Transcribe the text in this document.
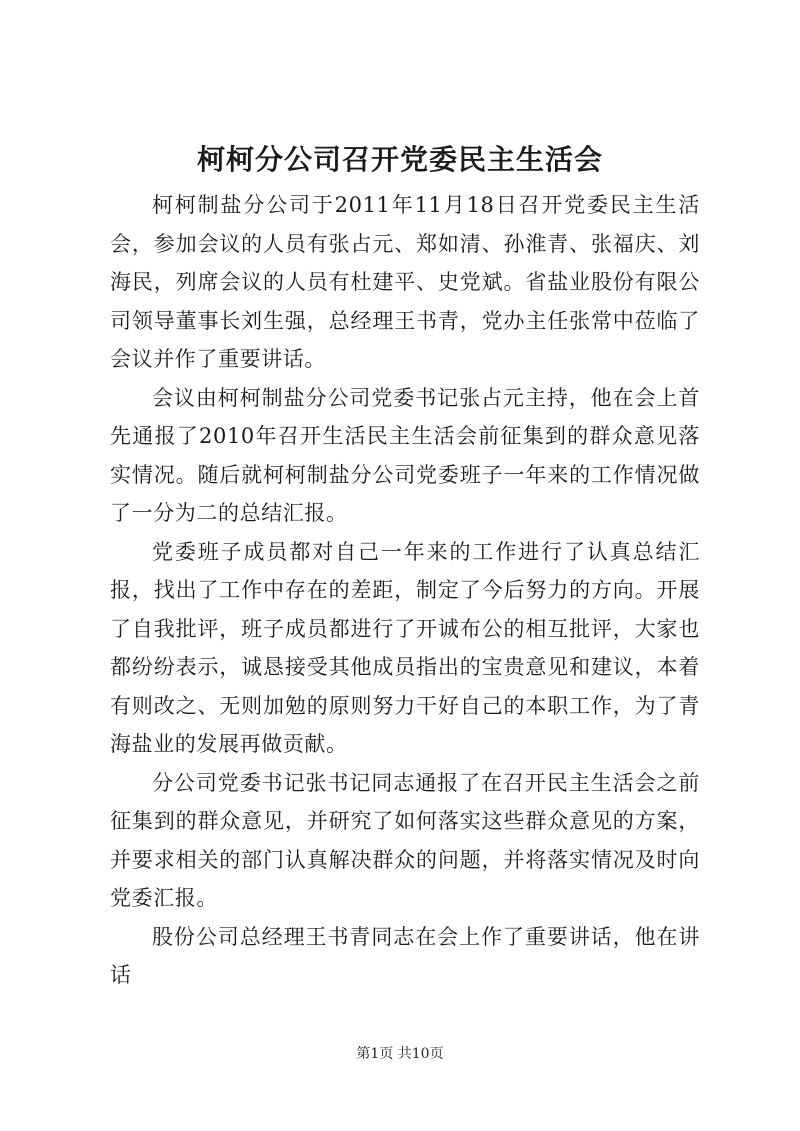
柯柯分公司召开党委民主生活会

柯柯制盐分公司于2011年11月18日召开党委民主生活会，参加会议的人员有张占元、郑如清、孙淮青、张福庆、刘海民，列席会议的人员有杜建平、史党斌。省盐业股份有限公司领导董事长刘生强，总经理王书青，党办主任张常中莅临了会议并作了重要讲话。

会议由柯柯制盐分公司党委书记张占元主持，他在会上首先通报了2010年召开生活民主生活会前征集到的群众意见落实情况。随后就柯柯制盐分公司党委班子一年来的工作情况做了一分为二的总结汇报。

党委班子成员都对自己一年来的工作进行了认真总结汇报，找出了工作中存在的差距，制定了今后努力的方向。开展了自我批评，班子成员都进行了开诚布公的相互批评，大家也都纷纷表示，诚恳接受其他成员指出的宝贵意见和建议，本着有则改之、无则加勉的原则努力干好自己的本职工作，为了青海盐业的发展再做贡献。

分公司党委书记张书记同志通报了在召开民主生活会之前征集到的群众意见，并研究了如何落实这些群众意见的方案，并要求相关的部门认真解决群众的问题，并将落实情况及时向党委汇报。

股份公司总经理王书青同志在会上作了重要讲话，他在讲话

第1页 共10页
